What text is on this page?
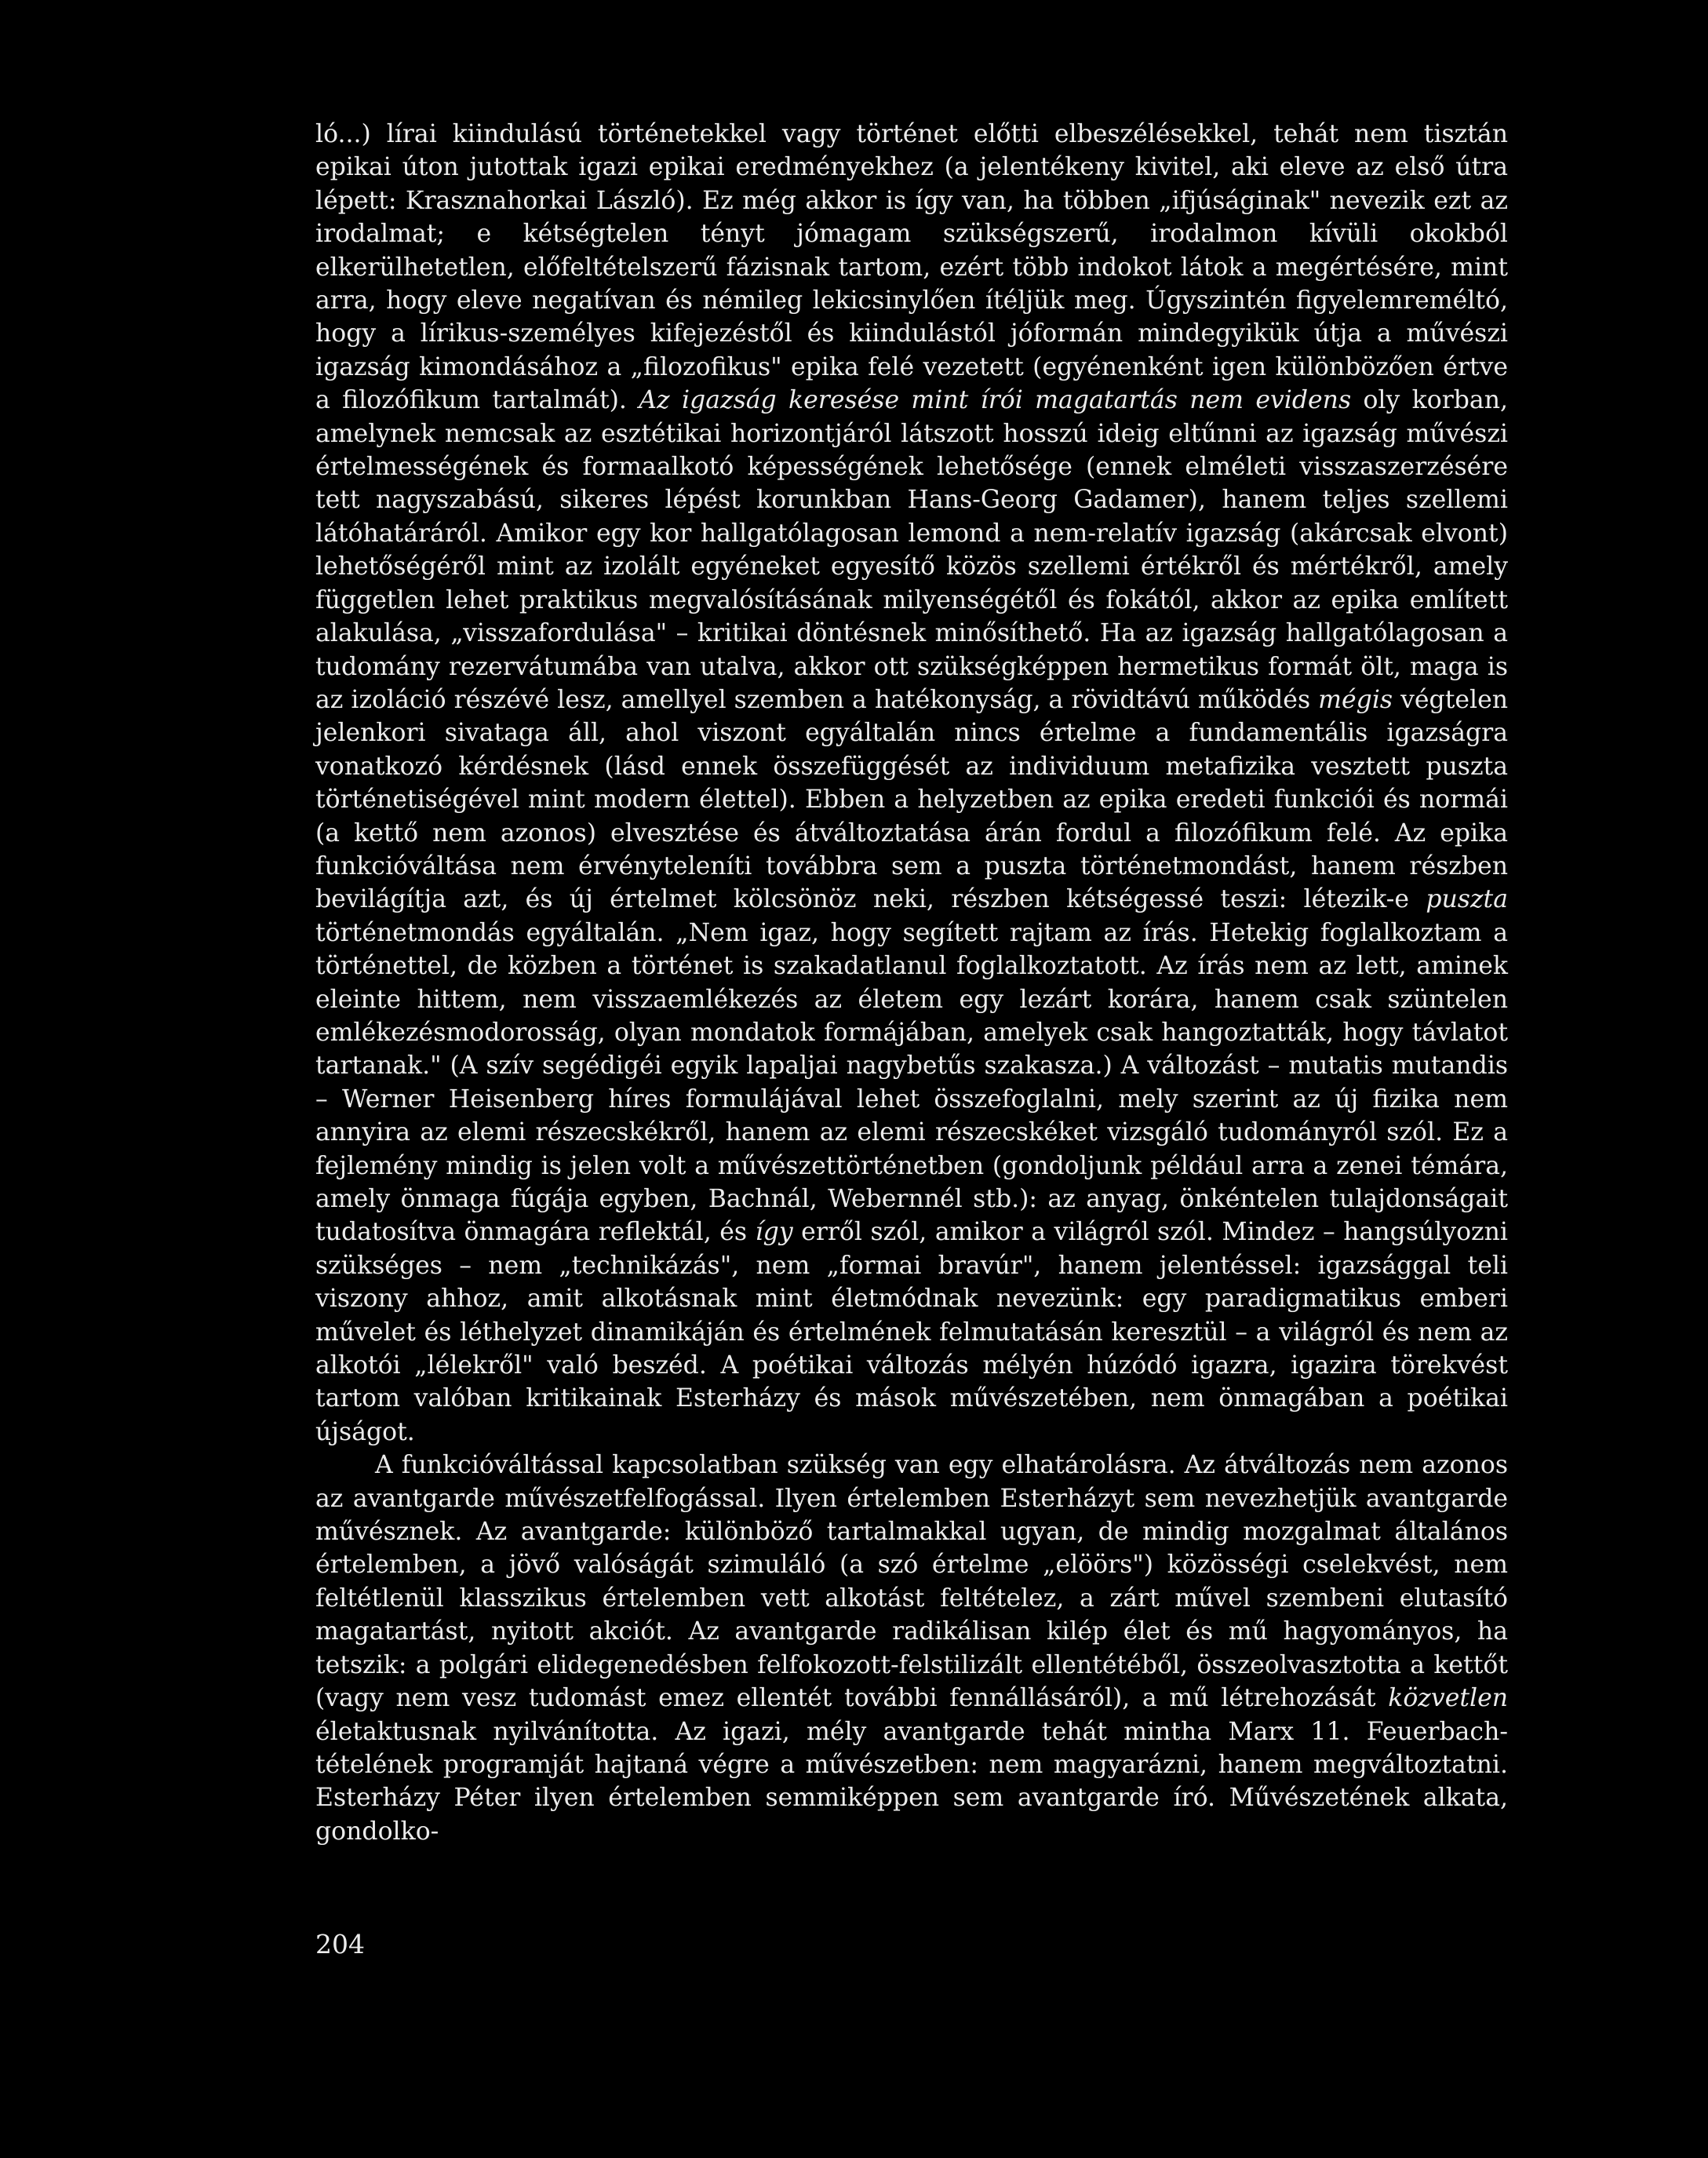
ló...) lírai kiindulású történetekkel vagy történet előtti elbeszélésekkel, tehát nem tisztán epikai úton jutottak igazi epikai eredményekhez (a jelentékeny kivitel, aki eleve az első útra lépett: Krasznahorkai László). Ez még akkor is így van, ha többen „ifjúságinak" nevezik ezt az irodalmat; e kétségtelen tényt jómagam szükségszerű, irodalmon kívüli okokból elkerülhetetlen, előfeltételszerű fázisnak tartom, ezért több indokot látok a megértésére, mint arra, hogy eleve negatívan és némileg lekicsinylően ítéljük meg. Úgyszintén figyelemreméltó, hogy a lírikus-személyes kifejezéstől és kiindulástól jóformán mindegyikük útja a művészi igazság kimondásához a „filozofikus" epika felé vezetett (egyénenként igen különbözően értve a filozófikum tartalmát). Az igazság keresése mint írói magatartás nem evidens oly korban, amelynek nemcsak az esztétikai horizontjáról látszott hosszú ideig eltűnni az igazság művészi értelmességének és formaalkotó képességének lehetősége (ennek elméleti visszaszerzésére tett nagyszabású, sikeres lépést korunkban Hans-Georg Gadamer), hanem teljes szellemi látóhatáráról. Amikor egy kor hallgatólagosan lemond a nem-relatív igazság (akárcsak elvont) lehetőségéről mint az izolált egyéneket egyesítő közös szellemi értékről és mértékről, amely független lehet praktikus megvalósításának milyenségétől és fokától, akkor az epika említett alakulása, „visszafordulása" – kritikai döntésnek minősíthető. Ha az igazság hallgatólagosan a tudomány rezervátumába van utalva, akkor ott szükségképpen hermetikus formát ölt, maga is az izoláció részévé lesz, amellyel szemben a hatékonyság, a rövidtávú működés mégis végtelen jelenkori sivataga áll, ahol viszont egyáltalán nincs értelme a fundamentális igazságra vonatkozó kérdésnek (lásd ennek összefüggését az individuum metafizika vesztett puszta történetiségével mint modern élettel). Ebben a helyzetben az epika eredeti funkciói és normái (a kettő nem azonos) elvesztése és átváltoztatása árán fordul a filozófikum felé. Az epika funkcióváltása nem érvényteleníti továbbra sem a puszta történetmondást, hanem részben bevilágítja azt, és új értelmet kölcsönöz neki, részben kétségessé teszi: létezik-e puszta történetmondás egyáltalán. „Nem igaz, hogy segített rajtam az írás. Hetekig foglalkoztam a történettel, de közben a történet is szakadatlanul foglalkoztatott. Az írás nem az lett, aminek eleinte hittem, nem visszaemlékezés az életem egy lezárt korára, hanem csak szüntelen emlékezésmodorosság, olyan mondatok formájában, amelyek csak hangoztatták, hogy távlatot tartanak." (A szív segédigéi egyik lapaljai nagybetűs szakasza.) A változást – mutatis mutandis – Werner Heisenberg híres formulájával lehet összefoglalni, mely szerint az új fizika nem annyira az elemi részecskékről, hanem az elemi részecskéket vizsgáló tudományról szól. Ez a fejlemény mindig is jelen volt a művészettörténetben (gondoljunk például arra a zenei témára, amely önmaga fúgája egyben, Bachnál, Webernnél stb.): az anyag, önkéntelen tulajdonságait tudatosítva önmagára reflektál, és így erről szól, amikor a világról szól. Mindez – hangsúlyozni szükséges – nem „technikázás", nem „formai bravúr", hanem jelentéssel: igazsággal teli viszony ahhoz, amit alkotásnak mint életmódnak nevezünk: egy paradigmatikus emberi művelet és léthelyzet dinamikáján és értelmének felmutatásán keresztül – a világról és nem az alkotói „lélekről" való beszéd. A poétikai változás mélyén húzódó igazra, igazira törekvést tartom valóban kritikainak Esterházy és mások művészetében, nem önmagában a poétikai újságot.

A funkcióváltással kapcsolatban szükség van egy elhatárolásra. Az átváltozás nem azonos az avantgarde művészetfelfogással. Ilyen értelemben Esterházyt sem nevezhetjük avantgarde művésznek. Az avantgarde: különböző tartalmakkal ugyan, de mindig mozgalmat általános értelemben, a jövő valóságát szimuláló (a szó értelme „elöörs") közösségi cselekvést, nem feltétlenül klasszikus értelemben vett alkotást feltételez, a zárt művel szembeni elutasító magatartást, nyitott akciót. Az avantgarde radikálisan kilép élet és mű hagyományos, ha tetszik: a polgári elidegenedésben felfokozott-felstilizált ellentétéből, összeolvasztotta a kettőt (vagy nem vesz tudomást emez ellentét további fennállásáról), a mű létrehozását közvetlen életaktusnak nyilvánította. Az igazi, mély avantgarde tehát mintha Marx 11. Feuerbach-tételének programját hajtaná végre a művészetben: nem magyarázni, hanem megváltoztatni. Esterházy Péter ilyen értelemben semmiképpen sem avantgarde író. Művészetének alkata, gondolko-

204
